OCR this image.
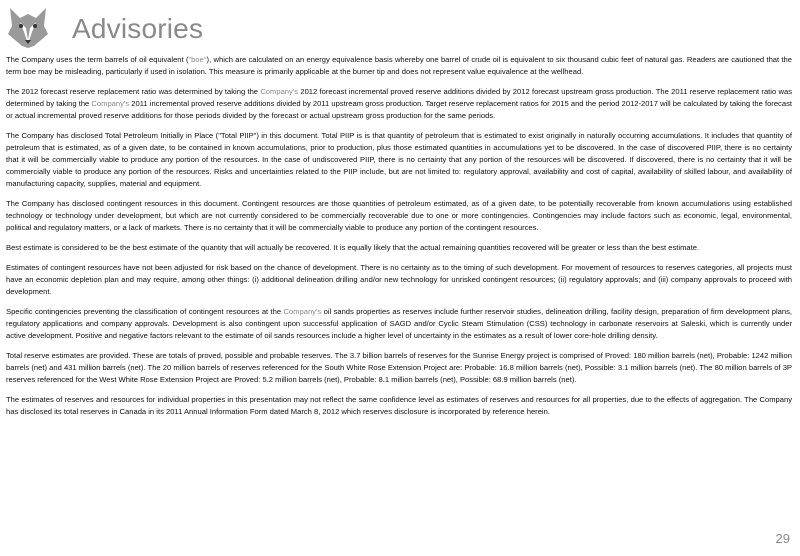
Advisories

The Company uses the term barrels of oil equivalent ("boe"), which are calculated on an energy equivalence basis whereby one barrel of crude oil is equivalent to six thousand cubic feet of natural gas. Readers are cautioned that the term boe may be misleading, particularly if used in isolation. This measure is primarily applicable at the burner tip and does not represent value equivalence at the wellhead.

The 2012 forecast reserve replacement ratio was determined by taking the Company's 2012 forecast incremental proved reserve additions divided by 2012 forecast upstream gross production. The 2011 reserve replacement ratio was determined by taking the Company's 2011 incremental proved reserve additions divided by 2011 upstream gross production. Target reserve replacement ratios for 2015 and the period 2012-2017 will be calculated by taking the forecast or actual incremental proved reserve additions for those periods divided by the forecast or actual upstream gross production for the same periods.

The Company has disclosed Total Petroleum Initially in Place ("Total PIIP") in this document. Total PIIP is is that quantity of petroleum that is estimated to exist originally in naturally occurring accumulations. It includes that quantity of petroleum that is estimated, as of a given date, to be contained in known accumulations, prior to production, plus those estimated quantities in accumulations yet to be discovered. In the case of discovered PIIP, there is no certainty that it will be commercially viable to produce any portion of the resources. In the case of undiscovered PIIP, there is no certainty that any portion of the resources will be discovered. If discovered, there is no certainty that it will be commercially viable to produce any portion of the resources. Risks and uncertainties related to the PIIP include, but are not limited to: regulatory approval, availability and cost of capital, availability of skilled labour, and availability of manufacturing capacity, supplies, material and equipment.

The Company has disclosed contingent resources in this document. Contingent resources are those quantities of petroleum estimated, as of a given date, to be potentially recoverable from known accumulations using established technology or technology under development, but which are not currently considered to be commercially recoverable due to one or more contingencies. Contingencies may include factors such as economic, legal, environmental, political and regulatory matters, or a lack of markets. There is no certainty that it will be commercially viable to produce any portion of the contingent resources.

Best estimate is considered to be the best estimate of the quantity that will actually be recovered. It is equally likely that the actual remaining quantities recovered will be greater or less than the best estimate.

Estimates of contingent resources have not been adjusted for risk based on the chance of development. There is no certainty as to the timing of such development. For movement of resources to reserves categories, all projects must have an economic depletion plan and may require, among other things: (i) additional delineation drilling and/or new technology for unrisked contingent resources; (ii) regulatory approvals; and (iii) company approvals to proceed with development.

Specific contingencies preventing the classification of contingent resources at the Company's oil sands properties as reserves include further reservoir studies, delineation drilling, facility design, preparation of firm development plans, regulatory applications and company approvals. Development is also contingent upon successful application of SAGD and/or Cyclic Steam Stimulation (CSS) technology in carbonate reservoirs at Saleski, which is currently under active development. Positive and negative factors relevant to the estimate of oil sands resources include a higher level of uncertainty in the estimates as a result of lower core-hole drilling density.

Total reserve estimates are provided. These are totals of proved, possible and probable reserves. The 3.7 billion barrels of reserves for the Sunrise Energy project is comprised of Proved: 180 million barrels (net), Probable: 1242 million barrels (net) and 431 million barrels (net). The 20 million barrels of reserves referenced for the South White Rose Extension Project are: Probable: 16.8 million barrels (net), Possible: 3.1 million barrels (net). The 80 million barrels of 3P reserves referenced for the West White Rose Extension Project are Proved: 5.2 million barrels (net), Probable: 8.1 million barrels (net), Possible: 68.9 million barrels (net).

The estimates of reserves and resources for individual properties in this presentation may not reflect the same confidence level as estimates of reserves and resources for all properties, due to the effects of aggregation. The Company has disclosed its total reserves in Canada in its 2011 Annual Information Form dated March 8, 2012 which reserves disclosure is incorporated by reference herein.

29
